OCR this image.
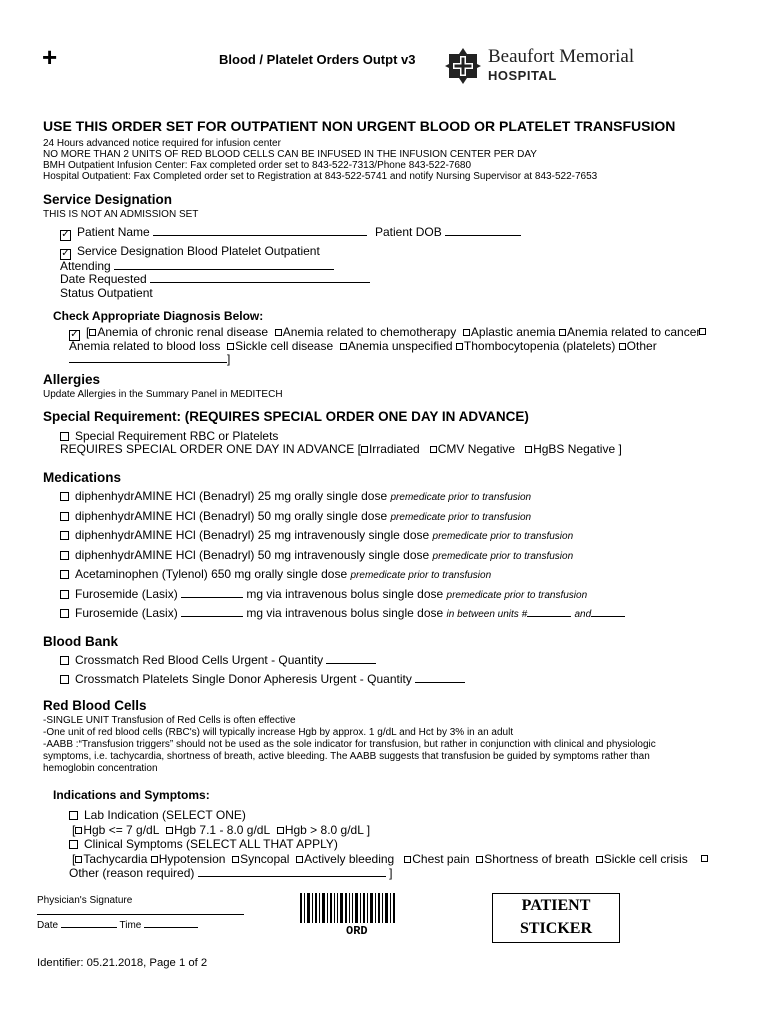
+	Blood / Platelet Orders Outpt v3	Beaufort Memorial
HOSPITAL
USE THIS ORDER SET FOR OUTPATIENT NON URGENT BLOOD OR PLATELET TRANSFUSION
24 Hours advanced notice required for infusion center
NO MORE THAN 2 UNITS OF RED BLOOD CELLS CAN BE INFUSED IN THE INFUSION CENTER PER DAY
BMH Outpatient Infusion Center: Fax completed order set to 843-522-7313/Phone 843-522-7680
Hospital Outpatient: Fax Completed order set to Registration at 843-522-5741 and notify Nursing Supervisor at 843-522-7653
Service Designation
THIS IS NOT AN ADMISSION SET
✓ Patient Name	Patient DOB
✓ Service Designation Blood Platelet Outpatient
Attending
Date Requested
Status Outpatient
Check Appropriate Diagnosis Below:
✓ [ Anemia of chronic renal disease Anemia related to chemotherapy Aplastic anemia Anemia related to cancer
Anemia related to blood loss Sickle cell disease Anemia unspecified Thombocytopenia (platelets) Other
]
Allergies
Update Allergies in the Summary Panel in MEDITECH
Special Requirement: (REQUIRES SPECIAL ORDER ONE DAY IN ADVANCE)
Special Requirement RBC or Platelets
REQUIRES SPECIAL ORDER ONE DAY IN ADVANCE [ Irradiated CMV Negative HgBS Negative ]
Medications
diphenhydrAMINE HCl (Benadryl) 25 mg orally single dose premedicate prior to transfusion
diphenhydrAMINE HCl (Benadryl) 50 mg orally single dose premedicate prior to transfusion
diphenhydrAMINE HCl (Benadryl) 25 mg intravenously single dose premedicate prior to transfusion
diphenhydrAMINE HCl (Benadryl) 50 mg intravenously single dose premedicate prior to transfusion
Acetaminophen (Tylenol) 650 mg orally single dose premedicate prior to transfusion
Furosemide (Lasix)	mg via intravenous bolus single dose premedicate prior to transfusion
Furosemide (Lasix)	mg via intravenous bolus single dose in between units #	and
Blood Bank
Crossmatch Red Blood Cells Urgent - Quantity
Crossmatch Platelets Single Donor Apheresis Urgent - Quantity
Red Blood Cells
-SINGLE UNIT Transfusion of Red Cells is often effective
-One unit of red blood cells (RBC's) will typically increase Hgb by approx. 1 g/dL and Hct by 3% in an adult
-AABB :“Transfusion triggers” should not be used as the sole indicator for transfusion, but rather in conjunction with clinical and physiologic
symptoms, i.e. tachycardia, shortness of breath, active bleeding. The AABB suggests that transfusion be guided by symptoms rather than
hemoglobin concentration
Indications and Symptoms:
Lab Indication (SELECT ONE)
[ Hgb <= 7 g/dL Hgb 7.1 - 8.0 g/dL Hgb > 8.0 g/dL ]
Clinical Symptoms (SELECT ALL THAT APPLY)
[ Tachycardia Hypotension Syncopal Actively bleeding Chest pain Shortness of breath Sickle cell crisis
Other (reason required)	]
Physician's Signature
Date	Time	ORD
PATIENT
STICKER
Identifier: 05.21.2018, Page 1 of 2
